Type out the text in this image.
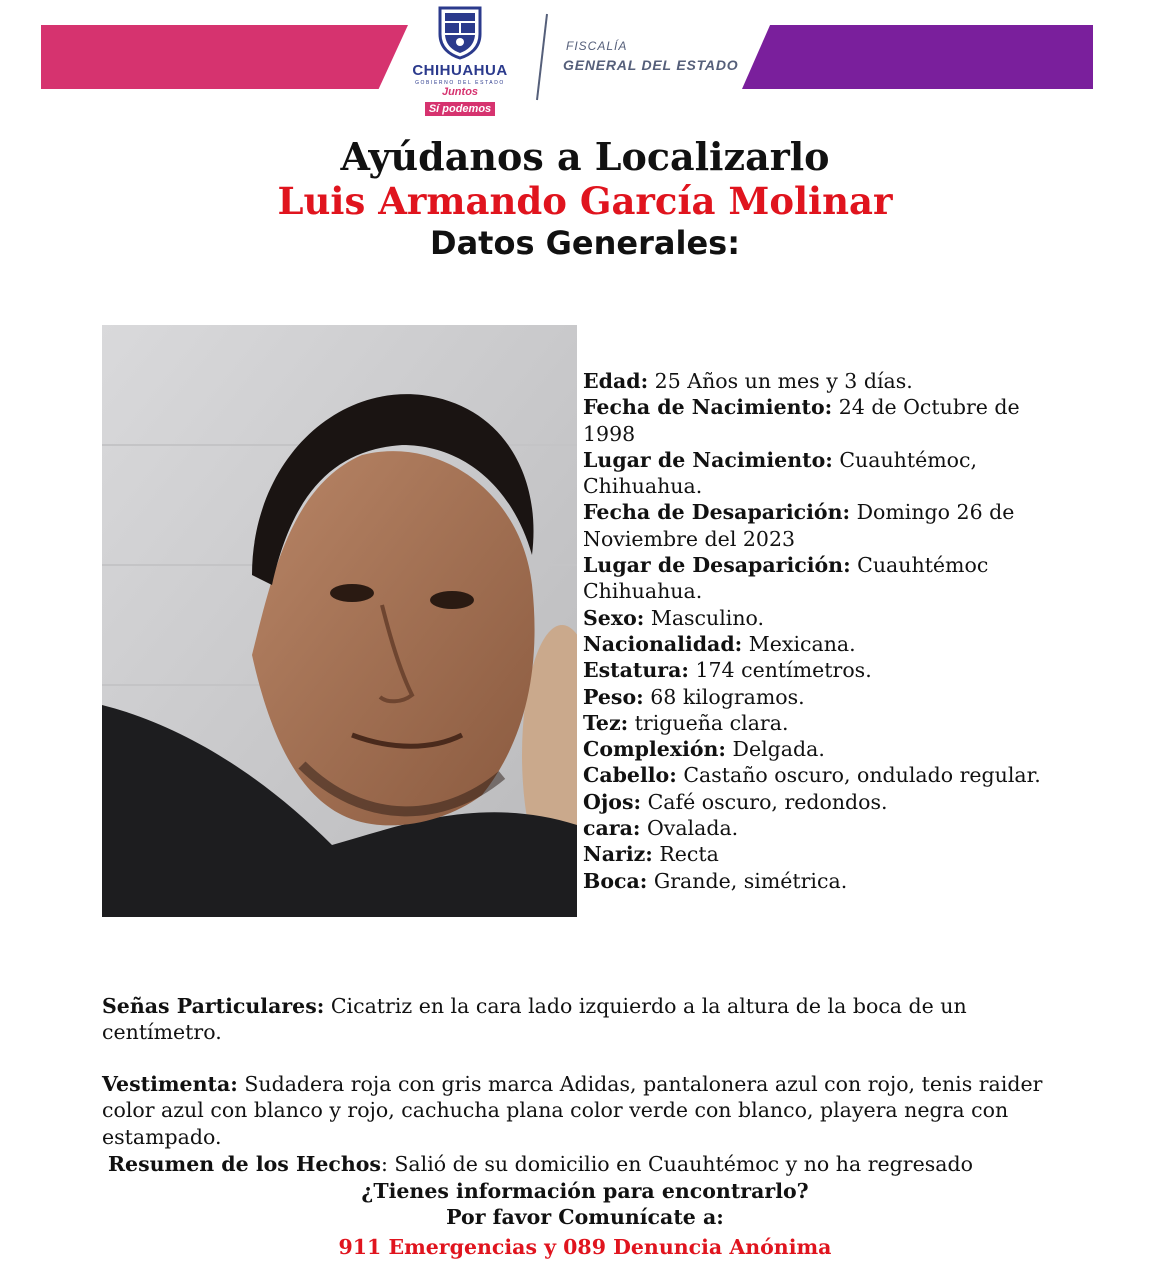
CHIHUAHUA
GOBIERNO DEL ESTADO
JuntosSí podemos
FISCALÍA
GENERAL DEL ESTADO
Ayúdanos a Localizarlo
Luis Armando García Molinar
Datos Generales:

Edad: 25 Años un mes y 3 días.

Fecha de Nacimiento: 24 de Octubre de 1998

Lugar de Nacimiento: Cuauhtémoc, Chihuahua.

Fecha de Desaparición: Domingo 26 de Noviembre del 2023

Lugar de Desaparición: Cuauhtémoc Chihuahua.

Sexo: Masculino.

Nacionalidad: Mexicana.

Estatura: 174 centímetros.

Peso: 68 kilogramos.

Tez: trigueña clara.

Complexión: Delgada.

Cabello: Castaño oscuro, ondulado regular.

Ojos: Café oscuro, redondos.

cara: Ovalada.

Nariz: Recta

Boca: Grande, simétrica.

Señas Particulares: Cicatriz en la cara lado izquierdo a la altura de la boca de un centímetro.

Vestimenta: Sudadera roja con gris marca Adidas, pantalonera azul con rojo, tenis raider color azul con blanco y rojo, cachucha plana color verde con blanco, playera negra con estampado.

Resumen de los Hechos: Salió de su domicilio en Cuauhtémoc y no ha regresado

¿Tienes información para encontrarlo?

Por favor Comunícate a:

911 Emergencias y 089 Denuncia Anónima
